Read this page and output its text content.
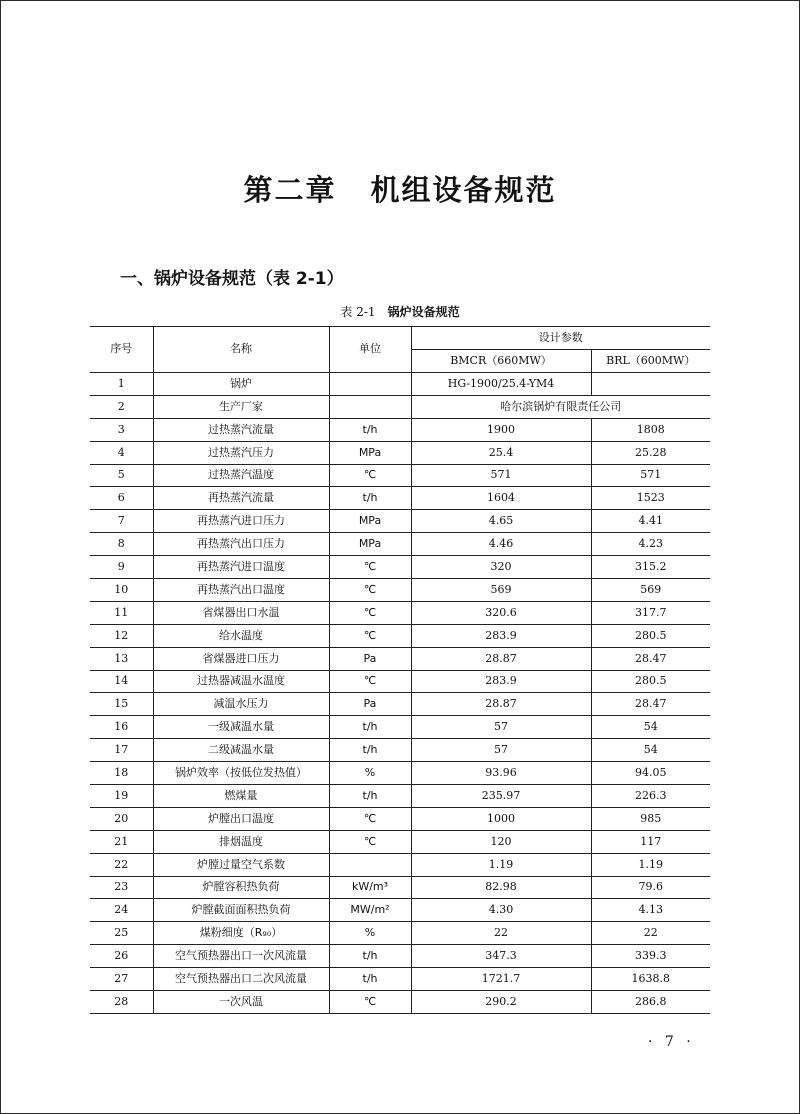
第二章 机组设备规范
一、锅炉设备规范（表 2-1）
表 2-1 锅炉设备规范
序号	名称	单位	设计参数	
			BMCR（660MW）	BRL（600MW）
1	锅炉		HG-1900/25.4-YM4	
2	生产厂家		哈尔滨锅炉有限责任公司	
3	过热蒸汽流量	t/h	1900	1808
4	过热蒸汽压力	MPa	25.4	25.28
5	过热蒸汽温度	℃	571	571
6	再热蒸汽流量	t/h	1604	1523
7	再热蒸汽进口压力	MPa	4.65	4.41
8	再热蒸汽出口压力	MPa	4.46	4.23
9	再热蒸汽进口温度	℃	320	315.2
10	再热蒸汽出口温度	℃	569	569
11	省煤器出口水温	℃	320.6	317.7
12	给水温度	℃	283.9	280.5
13	省煤器进口压力	Pa	28.87	28.47
14	过热器减温水温度	℃	283.9	280.5
15	减温水压力	Pa	28.87	28.47
16	一级减温水量	t/h	57	54
17	二级减温水量	t/h	57	54
18	锅炉效率（按低位发热值）	%	93.96	94.05
19	燃煤量	t/h	235.97	226.3
20	炉膛出口温度	℃	1000	985
21	排烟温度	℃	120	117
22	炉膛过量空气系数		1.19	1.19
23	炉膛容积热负荷	kW/m³	82.98	79.6
24	炉膛截面面积热负荷	MW/m²	4.30	4.13
25	煤粉细度（R₉₀）	%	22	22
26	空气预热器出口一次风流量	t/h	347.3	339.3
27	空气预热器出口二次风流量	t/h	1721.7	1638.8
28	一次风温	℃	290.2	286.8
· 7 ·
